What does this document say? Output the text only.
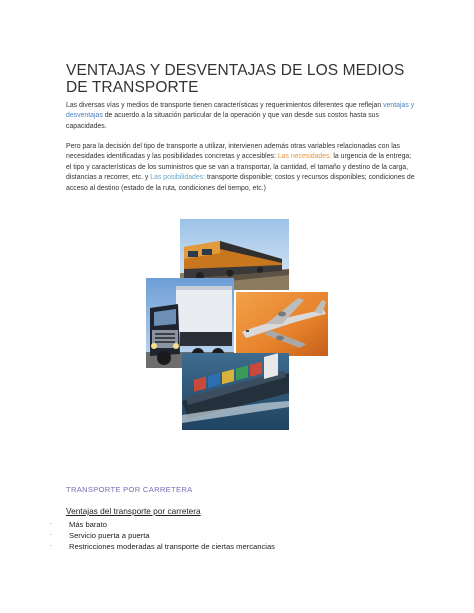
VENTAJAS Y DESVENTAJAS DE LOS MEDIOS DE TRANSPORTE

Las diversas vías y medios de transporte tienen características y requerimientos diferentes que reflejan ventajas y desventajas de acuerdo a la situación particular de la operación y que van desde sus costos hasta sus capacidades.

Pero para la decisión del tipo de transporte a utilizar, intervienen además otras variables relacionadas con las necesidades identificadas y las posibilidades concretas y accesibles: Las necesidades: la urgencia de la entrega; el tipo y características de los suministros que se van a transportar, la cantidad, el tamaño y destino de la carga, distancias a recorrer, etc. y Las posibilidades: transporte disponible; costos y recursos disponibles; condiciones de acceso al destino (estado de la ruta, condiciones del tiempo, etc.)

TRANSPORTE POR CARRETERA
Ventajas del transporte por carretera
∙ Más barato
∙ Servicio puerta a puerta
∙ Restricciones moderadas al transporte de ciertas mercancias
